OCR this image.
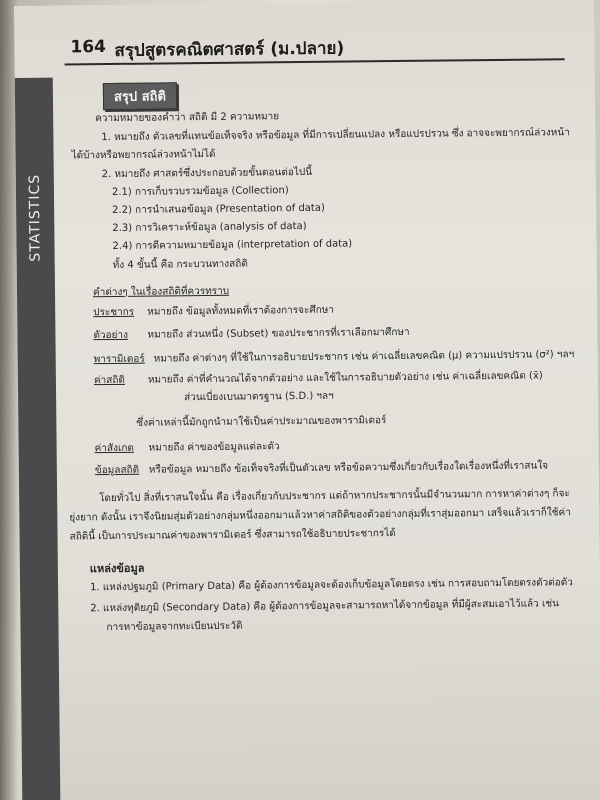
STATISTICS
164 สรุปสูตรคณิตศาสตร์ (ม.ปลาย)
สรุป สถิติ
ความหมายของคำว่า สถิติ มี 2 ความหมาย
1. หมายถึง ตัวเลขที่แทนข้อเท็จจริง หรือข้อมูล ที่มีการเปลี่ยนแปลง หรือแปรปรวน ซึ่ง อาจจะพยากรณ์ล่วงหน้า
ได้บ้างหรือพยากรณ์ล่วงหน้าไม่ได้
2. หมายถึง ศาสตร์ซึ่งประกอบด้วยขั้นตอนต่อไปนี้
2.1) การเก็บรวบรวมข้อมูล (Collection)
2.2) การนำเสนอข้อมูล (Presentation of data)
2.3) การวิเคราะห์ข้อมูล (analysis of data)
2.4) การตีความหมายข้อมูล (interpretation of data)
ทั้ง 4 ขั้นนี้ คือ กระบวนทางสถิติ
คำต่างๆ ในเรื่องสถิติที่ควรทราบ
ประชากร หมายถึง ข้อมูลทั้งหมดที่เราต้องการจะศึกษา
ตัวอย่าง หมายถึง ส่วนหนึ่ง (Subset) ของประชากรที่เราเลือกมาศึกษา
พารามิเตอร์ หมายถึง ค่าต่างๆ ที่ใช้ในการอธิบายประชากร เช่น ค่าเฉลี่ยเลขคณิต (μ) ความแปรปรวน (σ²) ฯลฯ
ค่าสถิติ หมายถึง ค่าที่คำนวณได้จากตัวอย่าง และใช้ในการอธิบายตัวอย่าง เช่น ค่าเฉลี่ยเลขคณิต (x̄)
ส่วนเบี่ยงเบนมาตรฐาน (S.D.) ฯลฯ
ซึ่งค่าเหล่านี้มักถูกนำมาใช้เป็นค่าประมาณของพารามิเตอร์
ค่าสังเกต หมายถึง ค่าของข้อมูลแต่ละตัว
ข้อมูลสถิติ หรือข้อมูล หมายถึง ข้อเท็จจริงที่เป็นตัวเลข หรือข้อความซึ่งเกี่ยวกับเรื่องใดเรื่องหนึ่งที่เราสนใจ
โดยทั่วไป สิ่งที่เราสนใจนั้น คือ เรื่องเกี่ยวกับประชากร แต่ถ้าหากประชากรนั้นมีจำนวนมาก การหาค่าต่างๆ ก็จะ
ยุ่งยาก ดังนั้น เราจึงนิยมสุ่มตัวอย่างกลุ่มหนึ่งออกมาแล้วหาค่าสถิติของตัวอย่างกลุ่มที่เราสุ่มออกมา เสร็จแล้วเราก็ใช้ค่า
สถิตินี้ เป็นการประมาณค่าของพารามิเตอร์ ซึ่งสามารถใช้อธิบายประชากรได้
แหล่งข้อมูล
1. แหล่งปฐมภูมิ (Primary Data) คือ ผู้ต้องการข้อมูลจะต้องเก็บข้อมูลโดยตรง เช่น การสอบถามโดยตรงตัวต่อตัว
2. แหล่งทุติยภูมิ (Secondary Data) คือ ผู้ต้องการข้อมูลจะสามารถหาได้จากข้อมูล ที่มีผู้สะสมเอาไว้แล้ว เช่น
การหาข้อมูลจากทะเบียนประวัติ
